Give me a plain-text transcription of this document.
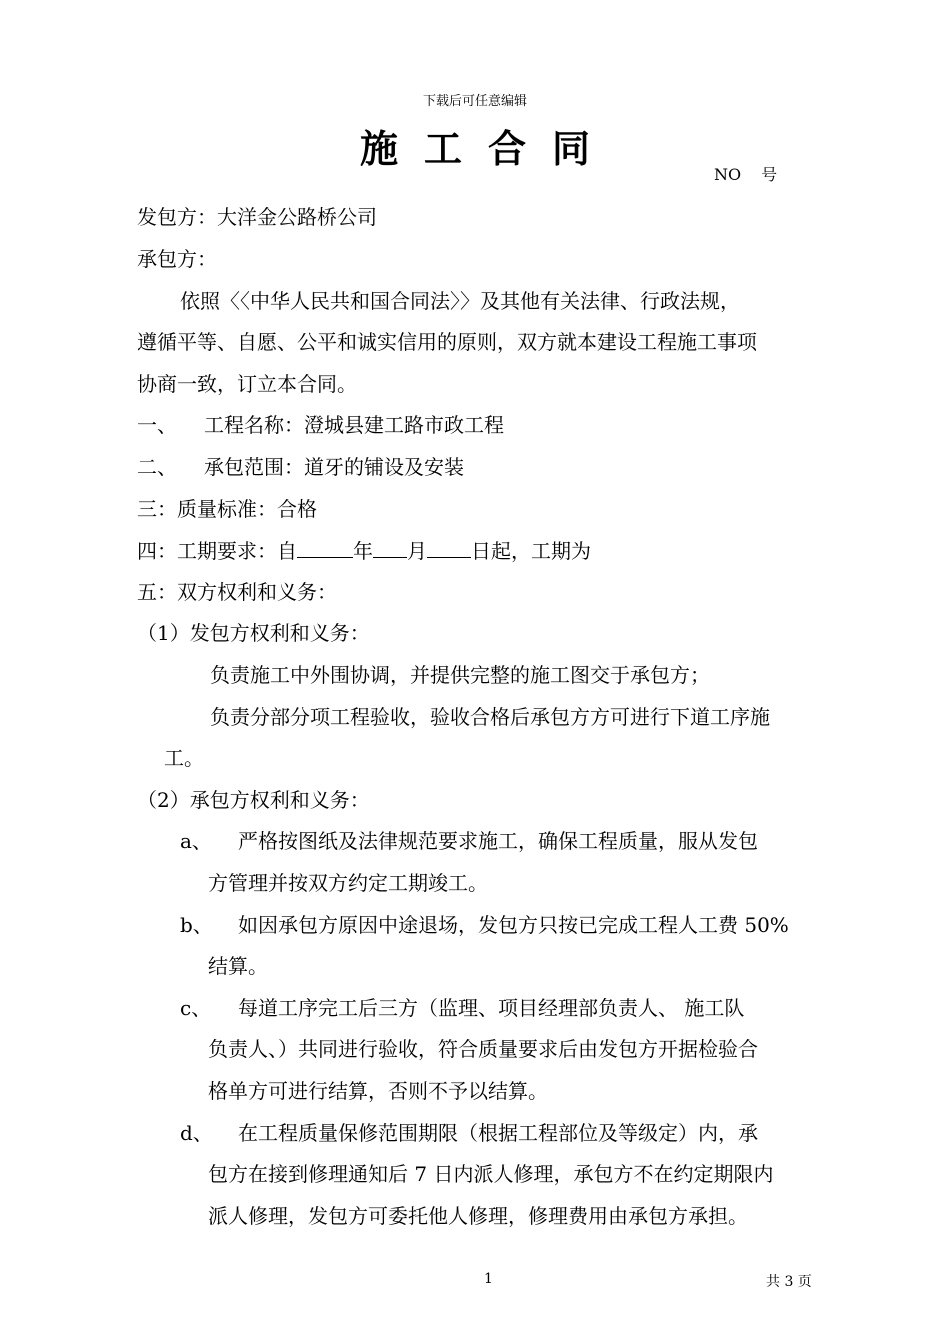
下载后可任意编辑
施工合同
NO 号
发包方：大洋金公路桥公司
承包方：
依照〈〈中华人民共和国合同法〉〉及其他有关法律、行政法规，
遵循平等、自愿、公平和诚实信用的原则，双方就本建设工程施工事项
协商一致，订立本合同。
一、 工程名称：澄城县建工路市政工程
二、 承包范围：道牙的铺设及安装
三：质量标准：合格
四：工期要求：自	年 月 日起，工期为
五：双方权利和义务：
（1）发包方权利和义务：
负责施工中外围协调，并提供完整的施工图交于承包方；
负责分部分项工程验收，验收合格后承包方方可进行下道工序施
工。
（2）承包方权利和义务：
a、 严格按图纸及法律规范要求施工，确保工程质量，服从发包
方管理并按双方约定工期竣工。
b、 如因承包方原因中途退场，发包方只按已完成工程人工费 50%
结算。
c、 每道工序完工后三方（监理、项目经理部负责人、 施工队
负责人、）共同进行验收，符合质量要求后由发包方开据检验合
格单方可进行结算，否则不予以结算。
d、 在工程质量保修范围期限（根据工程部位及等级定）内，承
包方在接到修理通知后 7 日内派人修理，承包方不在约定期限内
派人修理，发包方可委托他人修理，修理费用由承包方承担。
1	共 3 页
